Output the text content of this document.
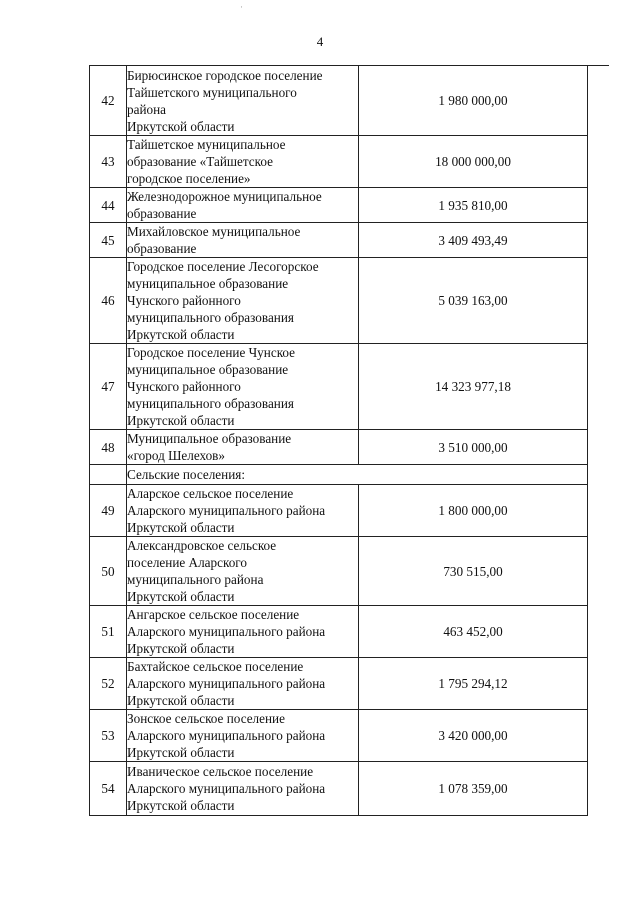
·
4
42	Бирюсинское городское поселение
Тайшетского муниципального
района
Иркутской области	1 980 000,00
43	Тайшетское муниципальное
образование «Тайшетское
городское поселение»	18 000 000,00
44	Железнодорожное муниципальное
образование	1 935 810,00
45	Михайловское муниципальное
образование	3 409 493,49
46	Городское поселение Лесогорское
муниципальное образование
Чунского районного
муниципального образования
Иркутской области	5 039 163,00
47	Городское поселение Чунское
муниципальное образование
Чунского районного
муниципального образования
Иркутской области	14 323 977,18
48	Муниципальное образование
«город Шелехов»	3 510 000,00
	Сельские поселения:	
49	Аларское сельское поселение
Аларского муниципального района
Иркутской области	1 800 000,00
50	Александровское сельское
поселение Аларского
муниципального района
Иркутской области	730 515,00
51	Ангарское сельское поселение
Аларского муниципального района
Иркутской области	463 452,00
52	Бахтайское сельское поселение
Аларского муниципального района
Иркутской области	1 795 294,12
53	Зонское сельское поселение
Аларского муниципального района
Иркутской области	3 420 000,00
54	Иваническое сельское поселение
Аларского муниципального района
Иркутской области	1 078 359,00
